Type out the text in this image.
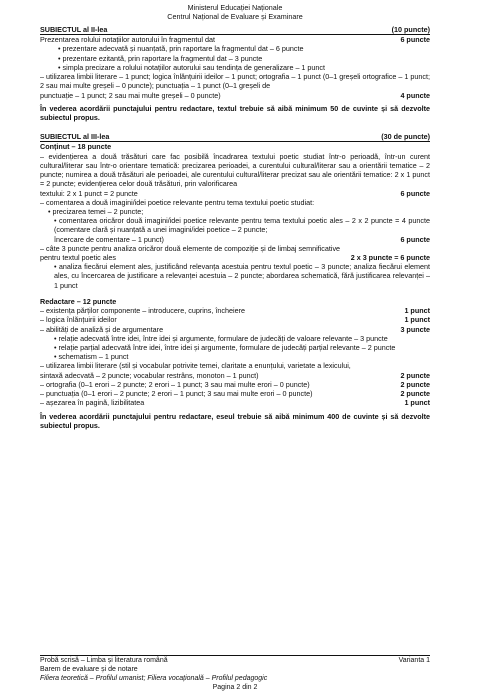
Ministerul Educației Naționale
Centrul Național de Evaluare și Examinare
SUBIECTUL al II-lea	(10 puncte)
Prezentarea rolului notațiilor autorului în fragmentul dat	6 puncte
• prezentare adecvată și nuanțată, prin raportare la fragmentul dat – 6 puncte
• prezentare ezitantă, prin raportare la fragmentul dat – 3 puncte
• simpla precizare a rolului notațiilor autorului sau tendința de generalizare – 1 punct
– utilizarea limbii literare – 1 punct; logica înlănțuirii ideilor – 1 punct; ortografia – 1 punct (0–1 greșeli ortografice – 1 punct; 2 sau mai multe greșeli – 0 puncte); punctuația – 1 punct (0–1 greșeli de
punctuație – 1 punct; 2 sau mai multe greșeli – 0 puncte)	4 puncte
În vederea acordării punctajului pentru redactare, textul trebuie să aibă minimum 50 de cuvinte și să dezvolte subiectul propus.
SUBIECTUL al III-lea	(30 de puncte)
Conținut – 18 puncte
– evidențierea a două trăsături care fac posibilă încadrarea textului poetic studiat într-o perioadă, într-un curent cultural/literar sau într-o orientare tematică: precizarea perioadei, a curentului cultural/literar sau a orientării tematice – 2 puncte; numirea a două trăsături ale perioadei, ale curentului cultural/literar precizat sau ale orientării tematice: 2 x 1 punct = 2 puncte; evidențierea celor două trăsături, prin valorificarea
textului: 2 x 1 punct = 2 puncte	6 puncte
– comentarea a două imagini/idei poetice relevante pentru tema textului poetic studiat:
• precizarea temei – 2 puncte;
• comentarea oricăror două imagini/idei poetice relevante pentru tema textului poetic ales – 2 x 2 puncte = 4 puncte (comentare clară și nuanțată a unei imagini/idei poetice – 2 puncte;
încercare de comentare – 1 punct)	6 puncte
– câte 3 puncte pentru analiza oricăror două elemente de compoziție și de limbaj semnificative
pentru textul poetic ales	2 x 3 puncte = 6 puncte
• analiza fiecărui element ales, justificând relevanța acestuia pentru textul poetic – 3 puncte; analiza fiecărui element ales, cu încercarea de justificare a relevanței acestuia – 2 puncte; abordarea schematică, fără justificarea relevanței – 1 punct
Redactare – 12 puncte
– existența părților componente – introducere, cuprins, încheiere	1 punct
– logica înlănțuirii ideilor	1 punct
– abilități de analiză și de argumentare	3 puncte
• relație adecvată între idei, între idei și argumente, formulare de judecăți de valoare relevante – 3 puncte
• relație parțial adecvată între idei, între idei și argumente, formulare de judecăți parțial relevante – 2 puncte
• schematism – 1 punct
– utilizarea limbii literare (stil și vocabular potrivite temei, claritate a enunțului, varietate a lexicului,
sintaxă adecvată – 2 puncte; vocabular restrâns, monoton – 1 punct)	2 puncte
– ortografia (0–1 erori – 2 puncte; 2 erori – 1 punct; 3 sau mai multe erori – 0 puncte)	2 puncte
– punctuația (0–1 erori – 2 puncte; 2 erori – 1 punct; 3 sau mai multe erori – 0 puncte)	2 puncte
– așezarea în pagină, lizibilitatea	1 punct
În vederea acordării punctajului pentru redactare, eseul trebuie să aibă minimum 400 de cuvinte și să dezvolte subiectul propus.
Probă scrisă – Limba și literatura română	Varianta 1
Barem de evaluare și de notare
Filiera teoretică – Profilul umanist; Filiera vocațională – Profilul pedagogic
Pagina 2 din 2
